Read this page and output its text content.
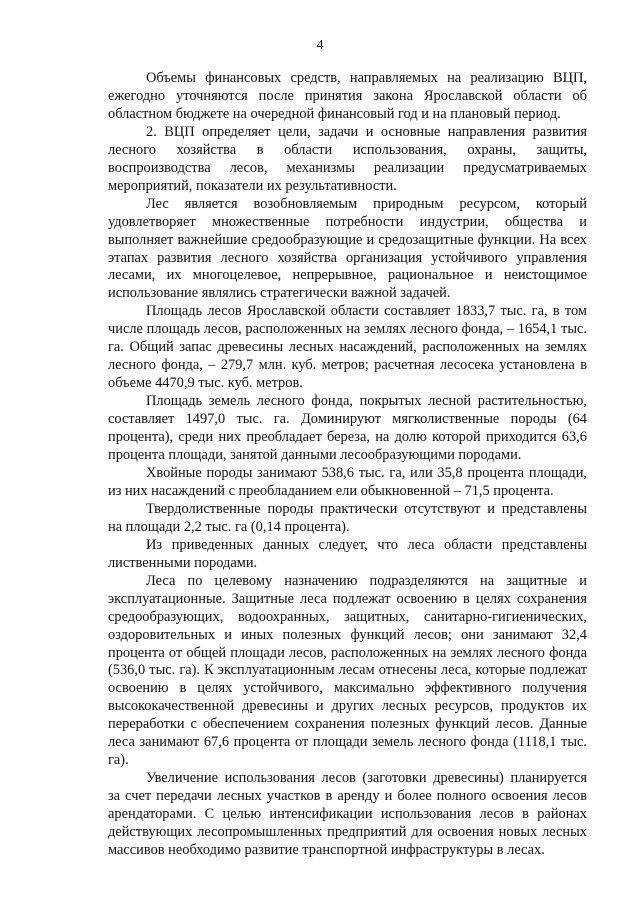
4

Объемы финансовых средств, направляемых на реализацию ВЦП, ежегодно уточняются после принятия закона Ярославской области об областном бюджете на очередной финансовый год и на плановый период.

2. ВЦП определяет цели, задачи и основные направления развития лесного хозяйства в области использования, охраны, защиты, воспроизводства лесов, механизмы реализации предусматриваемых мероприятий, показатели их результативности.

Лес является возобновляемым природным ресурсом, который удовлетворяет множественные потребности индустрии, общества и выполняет важнейшие средообразующие и средозащитные функции. На всех этапах развития лесного хозяйства организация устойчивого управления лесами, их многоцелевое, непрерывное, рациональное и неистощимое использование являлись стратегически важной задачей.

Площадь лесов Ярославской области составляет 1833,7 тыс. га, в том числе площадь лесов, расположенных на землях лесного фонда, – 1654,1 тыс. га. Общий запас древесины лесных насаждений, расположенных на землях лесного фонда, – 279,7 млн. куб. метров; расчетная лесосека установлена в объеме 4470,9 тыс. куб. метров.

Площадь земель лесного фонда, покрытых лесной растительностью, составляет 1497,0 тыс. га. Доминируют мягколиственные породы (64 процента), среди них преобладает береза, на долю которой приходится 63,6 процента площади, занятой данными лесообразующими породами.

Хвойные породы занимают 538,6 тыс. га, или 35,8 процента площади, из них насаждений с преобладанием ели обыкновенной – 71,5 процента.

Твердолиственные породы практически отсутствуют и представлены на площади 2,2 тыс. га (0,14 процента).

Из приведенных данных следует, что леса области представлены лиственными породами.

Леса по целевому назначению подразделяются на защитные и эксплуатационные. Защитные леса подлежат освоению в целях сохранения средообразующих, водоохранных, защитных, санитарно-гигиенических, оздоровительных и иных полезных функций лесов; они занимают 32,4 процента от общей площади лесов, расположенных на землях лесного фонда (536,0 тыс. га). К эксплуатационным лесам отнесены леса, которые подлежат освоению в целях устойчивого, максимально эффективного получения высококачественной древесины и других лесных ресурсов, продуктов их переработки с обеспечением сохранения полезных функций лесов. Данные леса занимают 67,6 процента от площади земель лесного фонда (1118,1 тыс. га).

Увеличение использования лесов (заготовки древесины) планируется за счет передачи лесных участков в аренду и более полного освоения лесов арендаторами. С целью интенсификации использования лесов в районах действующих лесопромышленных предприятий для освоения новых лесных массивов необходимо развитие транспортной инфраструктуры в лесах.
